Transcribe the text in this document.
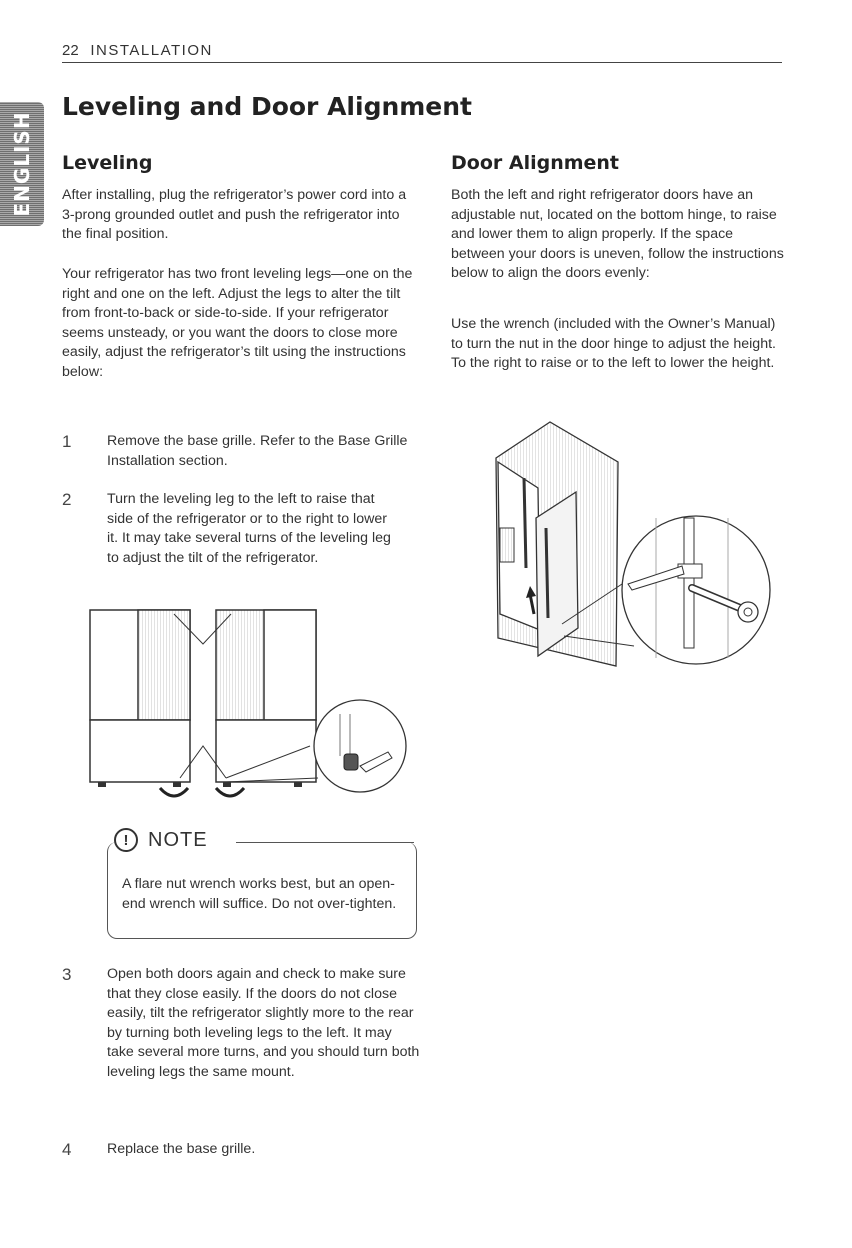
22 INSTALLATION
ENGLISH
Leveling and Door Alignment
Leveling

After installing, plug the refrigerator’s power cord into a 3-prong grounded outlet and push the refrigerator into the final position.

Your refrigerator has two front leveling legs—one on the right and one on the left. Adjust the legs to alter the tilt from front-to-back or side-to-side. If your refrigerator seems unsteady, or you want the doors to close more easily, adjust the refrigerator’s tilt using the instructions below:

1	Remove the base grille. Refer to the Base Grille Installation section.

2	Turn the leveling leg to the left to raise that side of the refrigerator or to the right to lower it. It may take several turns of the leveling leg to adjust the tilt of the refrigerator.

! NOTE

A flare nut wrench works best, but an open-end wrench will suffice. Do not over-tighten.

3	Open both doors again and check to make sure that they close easily. If the doors do not close easily, tilt the refrigerator slightly more to the rear by turning both leveling legs to the left. It may take several more turns, and you should turn both leveling legs the same mount.

4	Replace the base grille.

Door Alignment

Both the left and right refrigerator doors have an adjustable nut, located on the bottom hinge, to raise and lower them to align properly. If the space between your doors is uneven, follow the instructions below to align the doors evenly:

Use the wrench (included with the Owner’s Manual) to turn the nut in the door hinge to adjust the height. To the right to raise or to the left to lower the height.
